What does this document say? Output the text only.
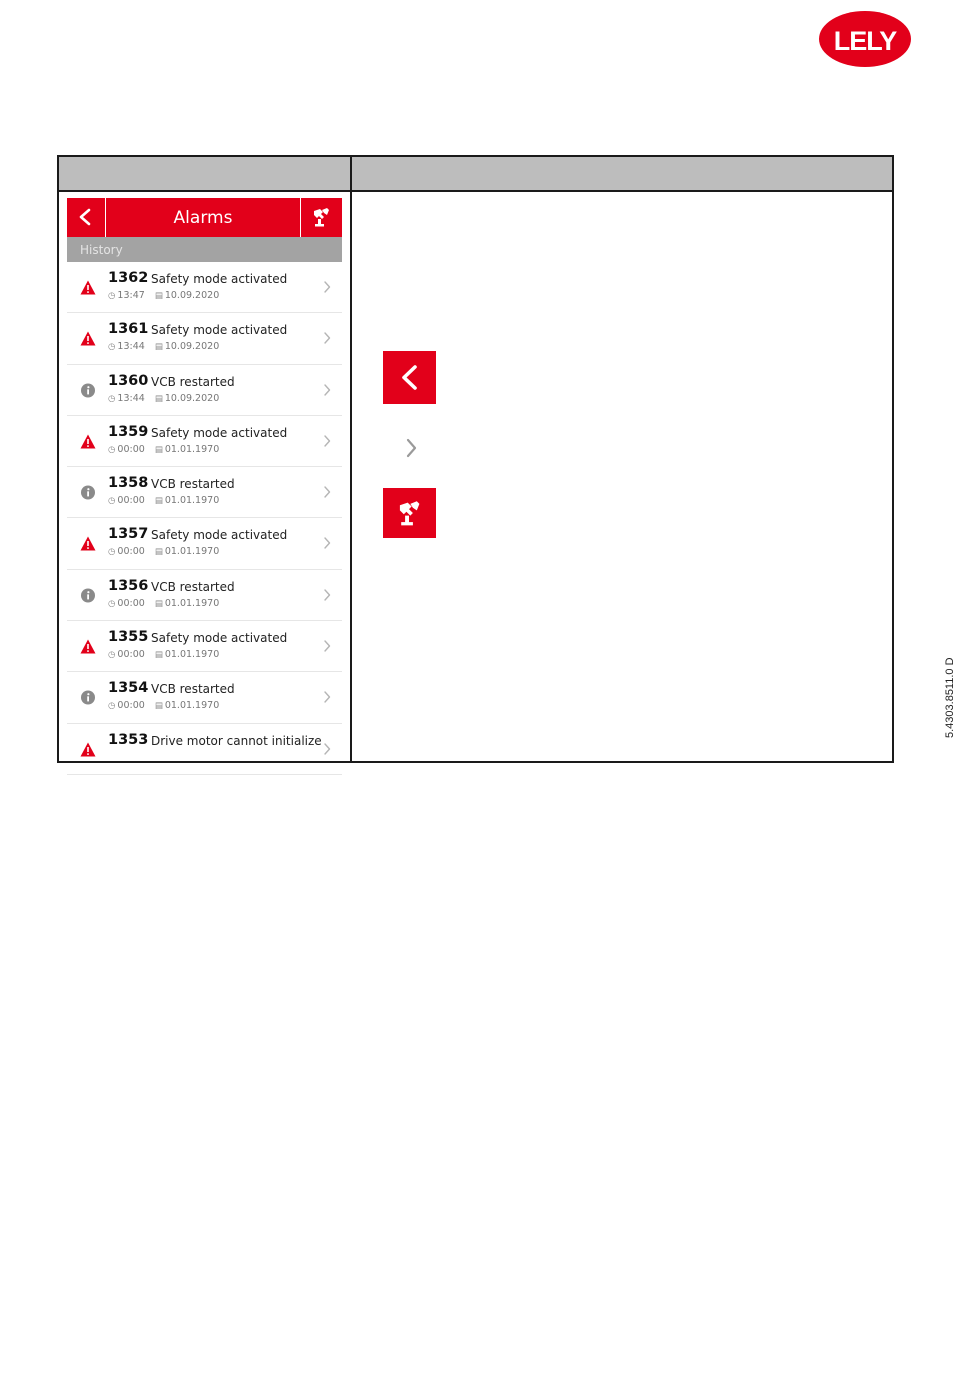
LELY
Alarms
History
1362 Safety mode activated
◷ 13:47 ▤ 10.09.2020
1361 Safety mode activated
◷ 13:44 ▤ 10.09.2020
1360 VCB restarted
◷ 13:44 ▤ 10.09.2020
1359 Safety mode activated
◷ 00:00 ▤ 01.01.1970
1358 VCB restarted
◷ 00:00 ▤ 01.01.1970
1357 Safety mode activated
◷ 00:00 ▤ 01.01.1970
1356 VCB restarted
◷ 00:00 ▤ 01.01.1970
1355 Safety mode activated
◷ 00:00 ▤ 01.01.1970
1354 VCB restarted
◷ 00:00 ▤ 01.01.1970
1353 Drive motor cannot initialize
5.4303.8511.0 D
